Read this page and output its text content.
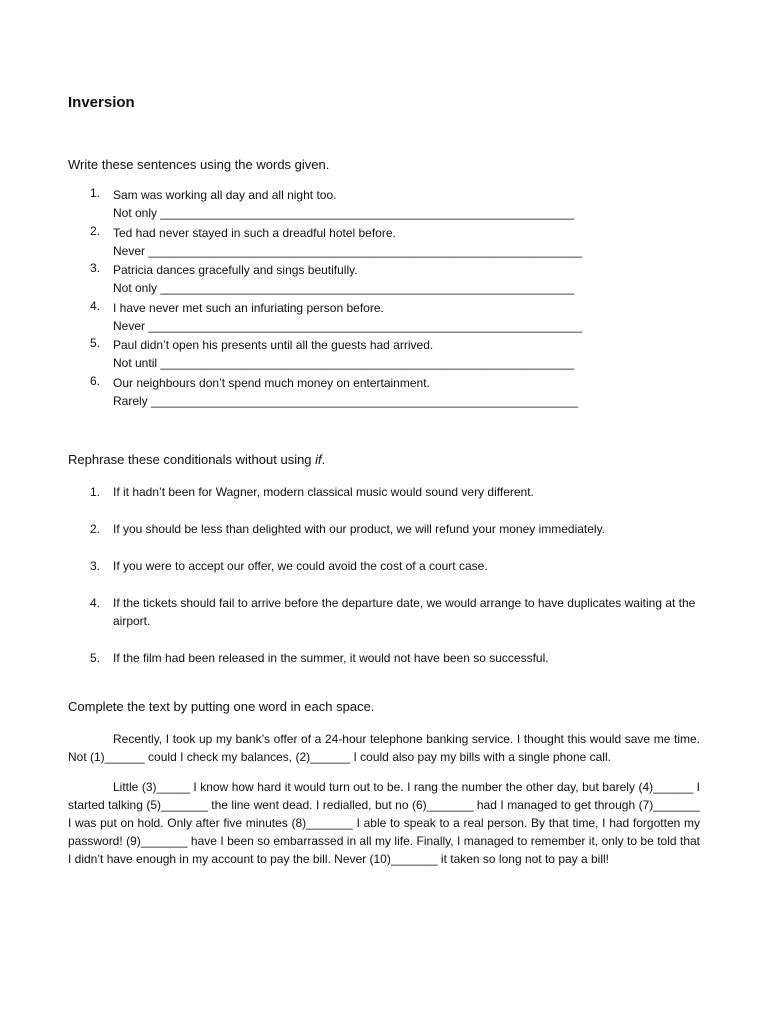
Inversion

Write these sentences using the words given.

1. Sam was working all day and all night too.
Not only ______________________________________________________________
2. Ted had never stayed in such a dreadful hotel before.
Never _________________________________________________________________
3. Patricia dances gracefully and sings beutifully.
Not only ______________________________________________________________
4. I have never met such an infuriating person before.
Never _________________________________________________________________
5. Paul didn’t open his presents until all the guests had arrived.
Not until ______________________________________________________________
6. Our neighbours don’t spend much money on entertainment.
Rarely ________________________________________________________________

Rephrase these conditionals without using if.

1. If it hadn’t been for Wagner, modern classical music would sound very different.
2. If you should be less than delighted with our product, we will refund your money immediately.
3. If you were to accept our offer, we could avoid the cost of a court case.
4. If the tickets should fail to arrive before the departure date, we would arrange to have duplicates waiting at the airport.
5. If the film had been released in the summer, it would not have been so successful.

Complete the text by putting one word in each space.

Recently, I took up my bank’s offer of a 24-hour telephone banking service. I thought this would save me time. Not (1)______ could I check my balances, (2)______ I could also pay my bills with a single phone call.

Little (3)_____ I know how hard it would turn out to be. I rang the number the other day, but barely (4)______ I started talking (5)_______ the line went dead. I redialled, but no (6)_______ had I managed to get through (7)_______ I was put on hold. Only after five minutes (8)_______ I able to speak to a real person. By that time, I had forgotten my password! (9)_______ have I been so embarrassed in all my life. Finally, I managed to remember it, only to be told that I didn’t have enough in my account to pay the bill. Never (10)_______ it taken so long not to pay a bill!
